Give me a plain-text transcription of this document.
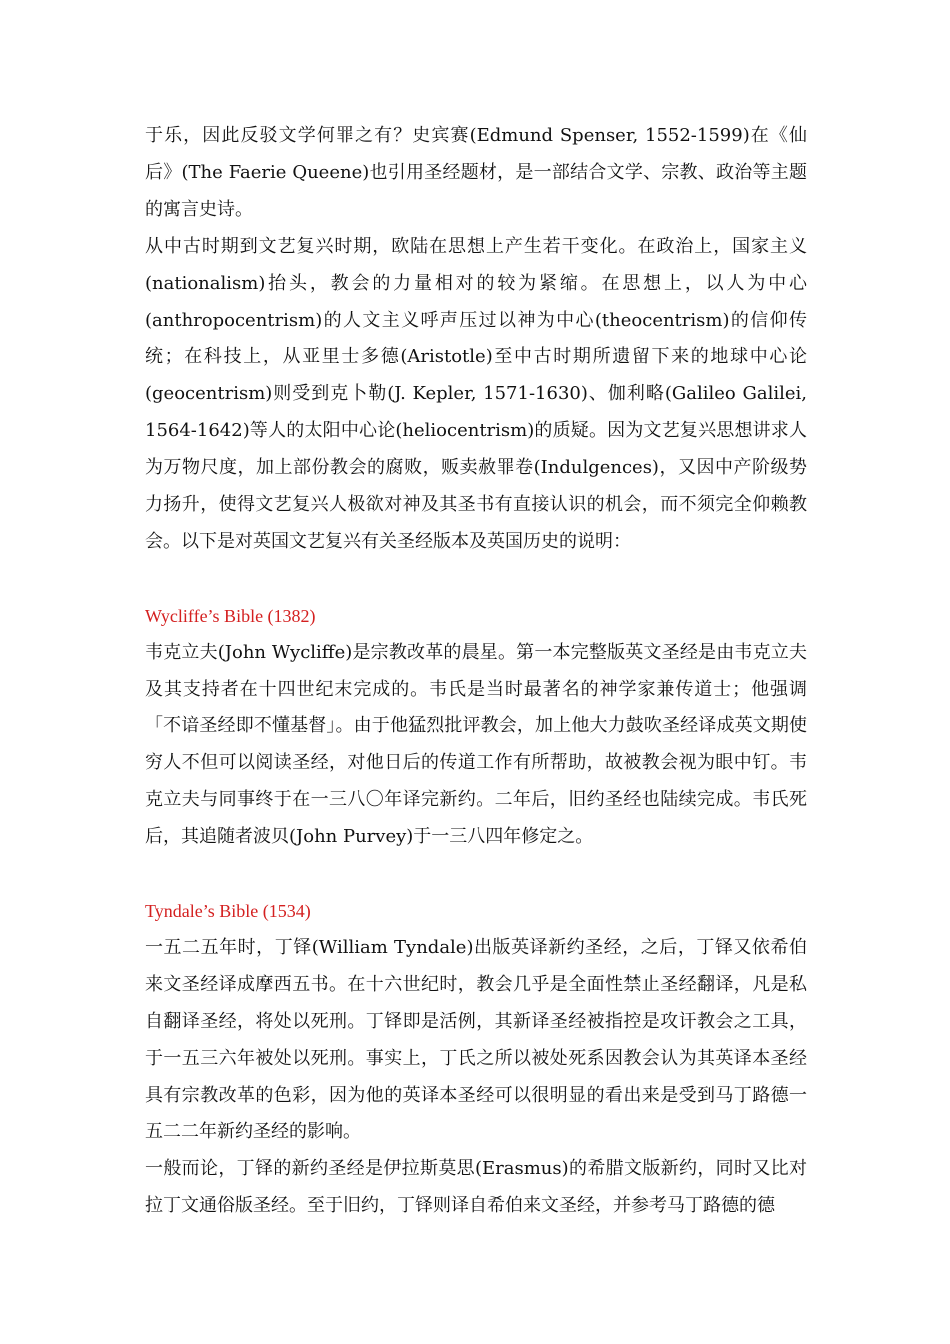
于乐，因此反驳文学何罪之有？史宾赛(Edmund Spenser, 1552-1599)在《仙后》(The Faerie Queene)也引用圣经题材，是一部结合文学、宗教、政治等主题的寓言史诗。

从中古时期到文艺复兴时期，欧陆在思想上产生若干变化。在政治上，国家主义(nationalism)抬头，教会的力量相对的较为紧缩。在思想上，以人为中心(anthropocentrism)的人文主义呼声压过以神为中心(theocentrism)的信仰传统；在科技上，从亚里士多德(Aristotle)至中古时期所遗留下来的地球中心论(geocentrism)则受到克卜勒(J. Kepler, 1571-1630)、伽利略(Galileo Galilei, 1564-1642)等人的太阳中心论(heliocentrism)的质疑。因为文艺复兴思想讲求人为万物尺度，加上部份教会的腐败，贩卖赦罪卷(Indulgences)，又因中产阶级势力扬升，使得文艺复兴人极欲对神及其圣书有直接认识的机会，而不须完全仰赖教会。以下是对英国文艺复兴有关圣经版本及英国历史的说明：

Wycliffe’s Bible (1382)

韦克立夫(John Wycliffe)是宗教改革的晨星。第一本完整版英文圣经是由韦克立夫及其支持者在十四世纪末完成的。韦氏是当时最著名的神学家兼传道士；他强调「不谙圣经即不懂基督」。由于他猛烈批评教会，加上他大力鼓吹圣经译成英文期使穷人不但可以阅读圣经，对他日后的传道工作有所帮助，故被教会视为眼中钉。韦克立夫与同事终于在一三八〇年译完新约。二年后，旧约圣经也陆续完成。韦氏死后，其追随者波贝(John Purvey)于一三八四年修定之。

Tyndale’s Bible (1534)

一五二五年时，丁铎(William Tyndale)出版英译新约圣经，之后，丁铎又依希伯来文圣经译成摩西五书。在十六世纪时，教会几乎是全面性禁止圣经翻译，凡是私自翻译圣经，将处以死刑。丁铎即是活例，其新译圣经被指控是攻讦教会之工具，于一五三六年被处以死刑。事实上，丁氏之所以被处死系因教会认为其英译本圣经具有宗教改革的色彩，因为他的英译本圣经可以很明显的看出来是受到马丁路德一五二二年新约圣经的影响。

一般而论，丁铎的新约圣经是伊拉斯莫思(Erasmus)的希腊文版新约，同时又比对拉丁文通俗版圣经。至于旧约，丁铎则译自希伯来文圣经，并参考马丁路德的德
